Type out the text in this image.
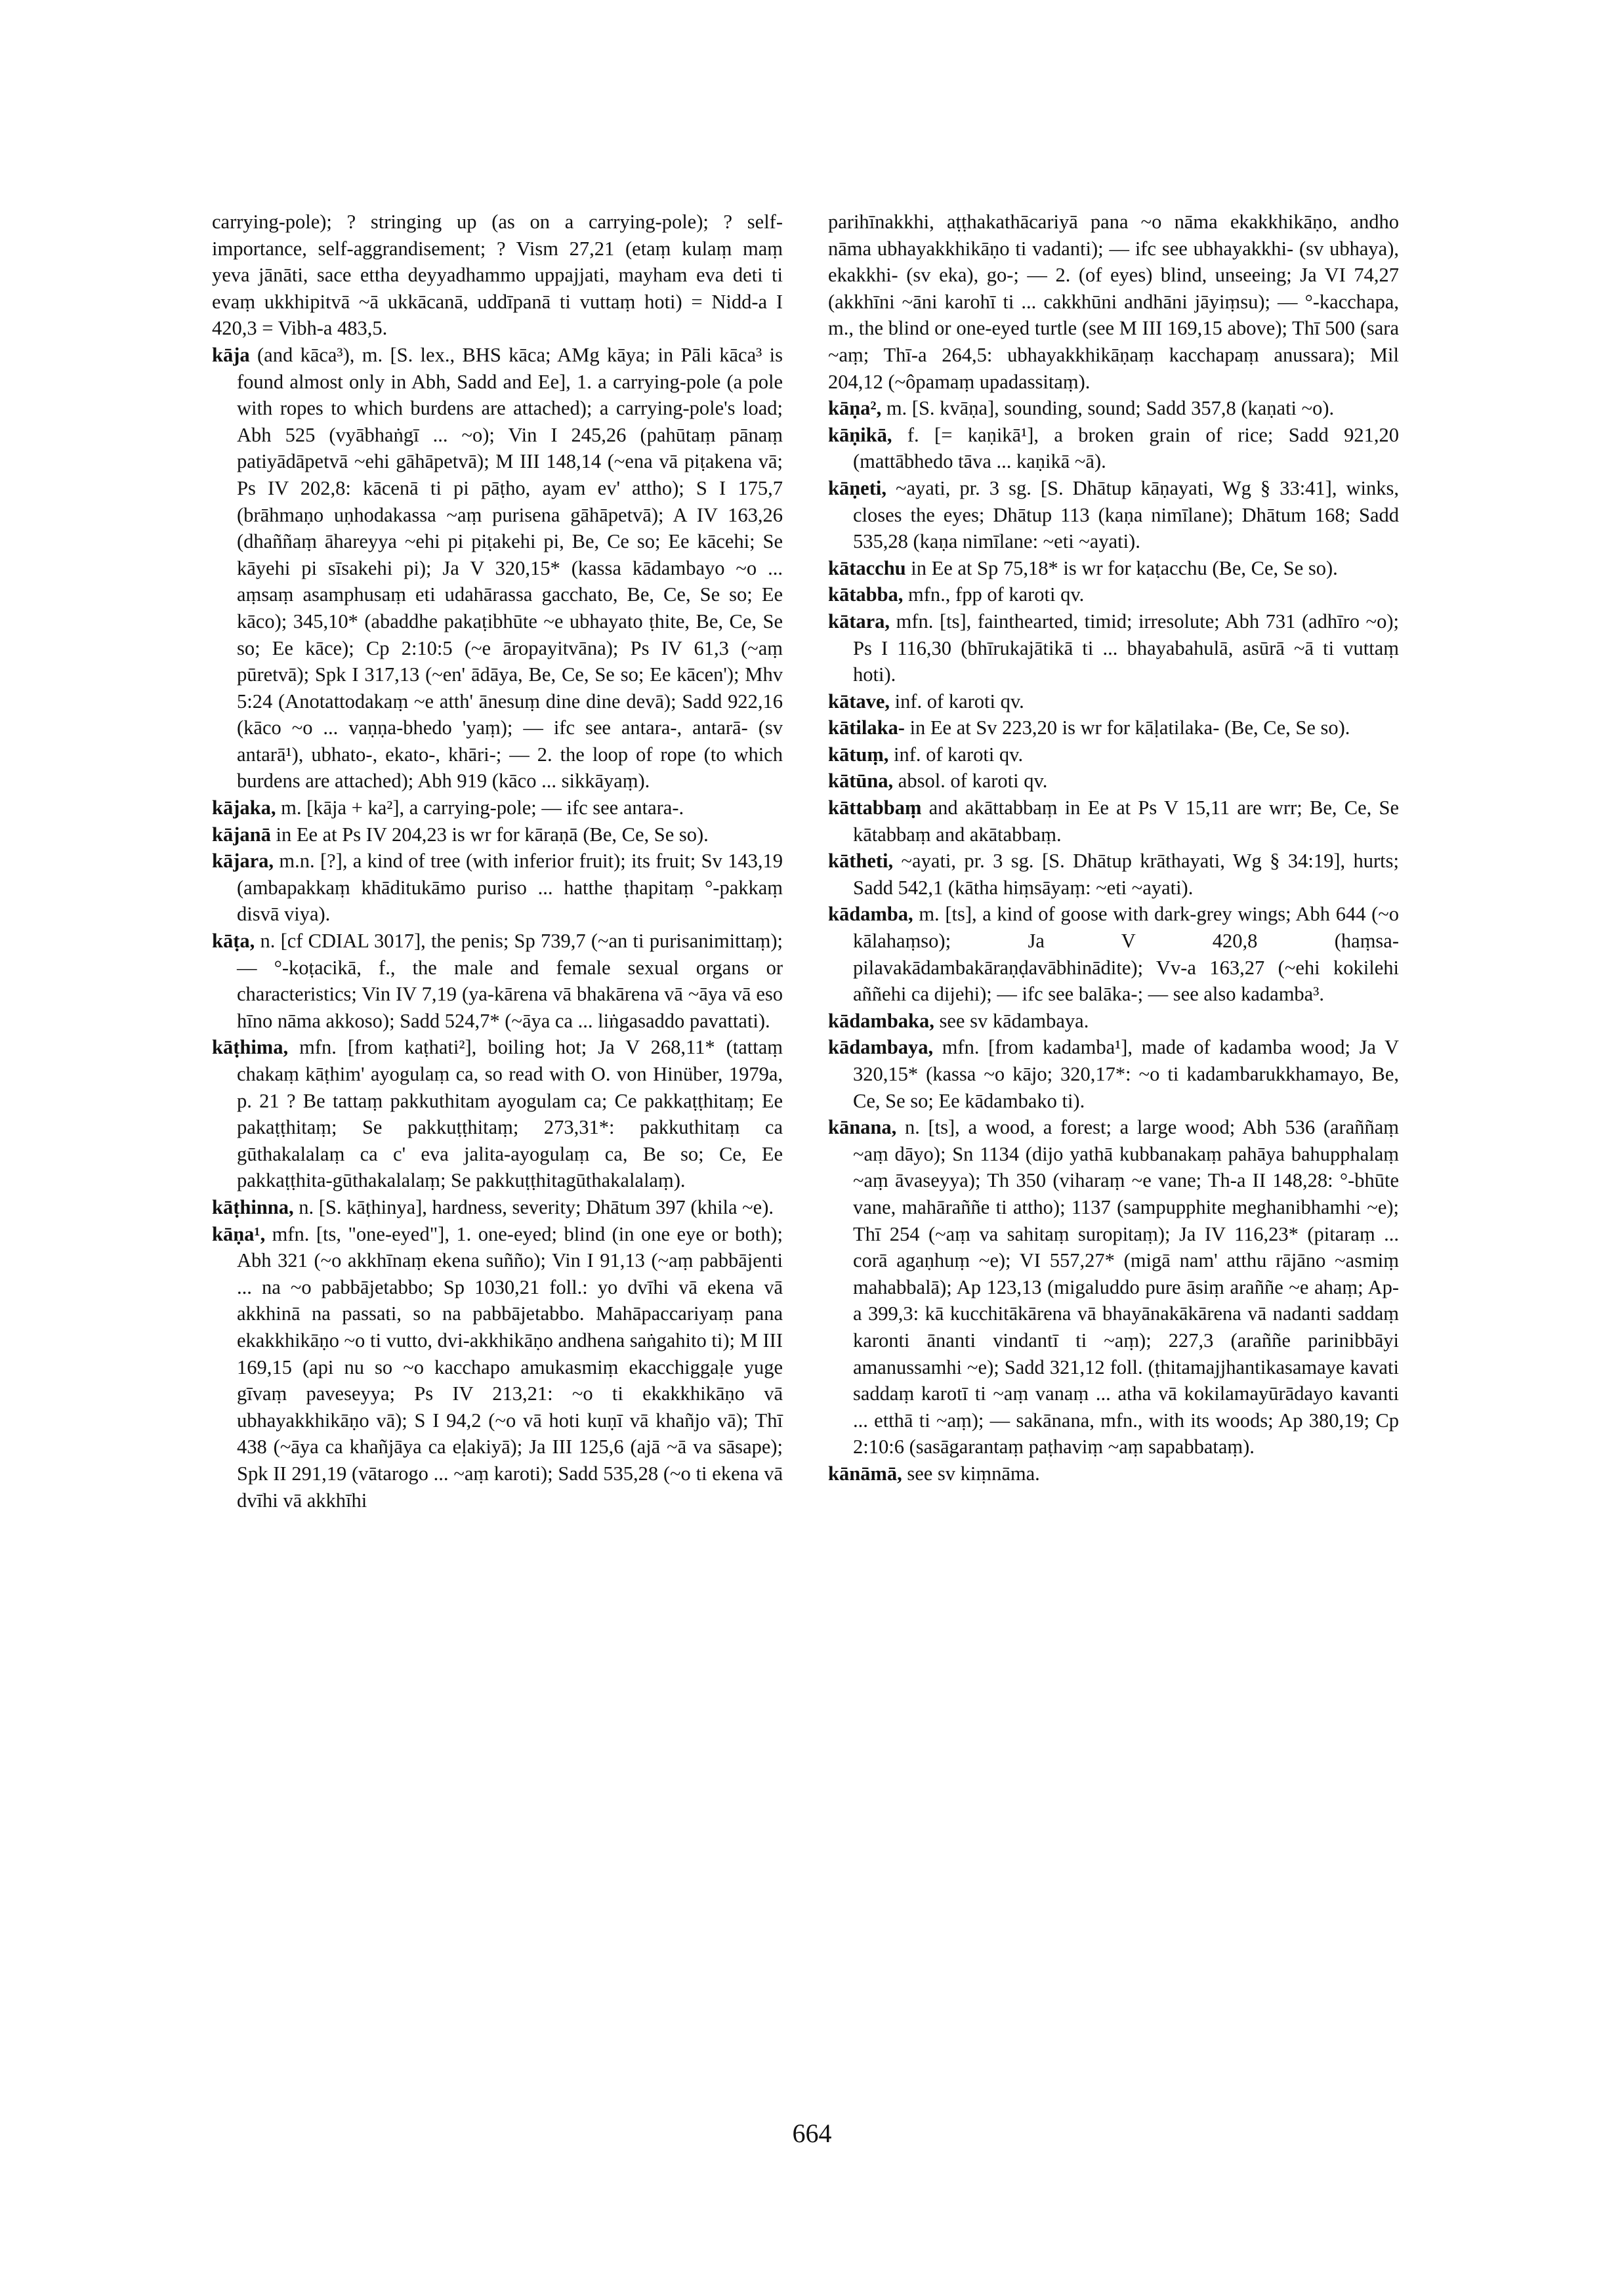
carrying-pole); ? stringing up (as on a carrying-pole); ? self-importance, self-aggrandisement; ? Vism 27,21 (etaṃ kulaṃ maṃ yeva jānāti, sace ettha deyyadhammo uppajjati, mayham eva deti ti evaṃ ukkhipitvā ~ā ukkācanā, uddīpanā ti vuttaṃ hoti) = Nidd-a I 420,3 = Vibh-a 483,5.

kāja (and kāca³), m. [S. lex., BHS kāca; AMg kāya; in Pāli kāca³ is found almost only in Abh, Sadd and Ee], 1. a carrying-pole (a pole with ropes to which burdens are attached); a carrying-pole's load; Abh 525 (vyābhaṅgī ... ~o); Vin I 245,26 (pahūtaṃ pānaṃ patiyādāpetvā ~ehi gāhāpetvā); M III 148,14 (~ena vā piṭakena vā; Ps IV 202,8: kācenā ti pi pāṭho, ayam ev' attho); S I 175,7 (brāhmaṇo uṇhodakassa ~aṃ purisena gāhāpetvā); A IV 163,26 (dhaññaṃ āhareyya ~ehi pi piṭakehi pi, Be, Ce so; Ee kācehi; Se kāyehi pi sīsakehi pi); Ja V 320,15* (kassa kādambayo ~o ... aṃsaṃ asamphusaṃ eti udahārassa gacchato, Be, Ce, Se so; Ee kāco); 345,10* (abaddhe pakaṭibhūte ~e ubhayato ṭhite, Be, Ce, Se so; Ee kāce); Cp 2:10:5 (~e āropayitvāna); Ps IV 61,3 (~aṃ pūretvā); Spk I 317,13 (~en' ādāya, Be, Ce, Se so; Ee kācen'); Mhv 5:24 (Anotattodakaṃ ~e atth' ānesuṃ dine dine devā); Sadd 922,16 (kāco ~o ... vaṇṇa-bhedo 'yaṃ); — ifc see antara-, antarā- (sv antarā¹), ubhato-, ekato-, khāri-; — 2. the loop of rope (to which burdens are attached); Abh 919 (kāco ... sikkāyaṃ).

kājaka, m. [kāja + ka²], a carrying-pole; — ifc see antara-.

kājanā in Ee at Ps IV 204,23 is wr for kāraṇā (Be, Ce, Se so).

kājara, m.n. [?], a kind of tree (with inferior fruit); its fruit; Sv 143,19 (ambapakkaṃ khāditukāmo puriso ... hatthe ṭhapitaṃ °-pakkaṃ disvā viya).

kāṭa, n. [cf CDIAL 3017], the penis; Sp 739,7 (~an ti purisanimittaṃ); — °-koṭacikā, f., the male and female sexual organs or characteristics; Vin IV 7,19 (ya-kārena vā bhakārena vā ~āya vā eso hīno nāma akkoso); Sadd 524,7* (~āya ca ... liṅgasaddo pavattati).

kāṭhima, mfn. [from kaṭhati²], boiling hot; Ja V 268,11* (tattaṃ chakaṃ kāṭhim' ayogulaṃ ca, so read with O. von Hinüber, 1979a, p. 21 ? Be tattaṃ pakkuthitam ayogulam ca; Ce pakkaṭṭhitaṃ; Ee pakaṭṭhitaṃ; Se pakkuṭṭhitaṃ; 273,31*: pakkuthitaṃ ca gūthakalalaṃ ca c' eva jalita-ayogulaṃ ca, Be so; Ce, Ee pakkaṭṭhita-gūthakalalaṃ; Se pakkuṭṭhitagūthakalalaṃ).

kāṭhinna, n. [S. kāṭhinya], hardness, severity; Dhātum 397 (khila ~e).

kāṇa¹, mfn. [ts, "one-eyed"], 1. one-eyed; blind (in one eye or both); Abh 321 (~o akkhīnaṃ ekena suñño); Vin I 91,13 (~aṃ pabbājenti ... na ~o pabbājetabbo; Sp 1030,21 foll.: yo dvīhi vā ekena vā akkhinā na passati, so na pabbājetabbo. Mahāpaccariyaṃ pana ekakkhikāṇo ~o ti vutto, dvi-akkhikāṇo andhena saṅgahito ti); M III 169,15 (api nu so ~o kacchapo amukasmiṃ ekacchiggaḷe yuge gīvaṃ paveseyya; Ps IV 213,21: ~o ti ekakkhikāṇo vā ubhayakkhikāṇo vā); S I 94,2 (~o vā hoti kuṇī vā khañjo vā); Thī 438 (~āya ca khañjāya ca eḷakiyā); Ja III 125,6 (ajā ~ā va sāsape); Spk II 291,19 (vātarogo ... ~aṃ karoti); Sadd 535,28 (~o ti ekena vā dvīhi vā akkhīhi

parihīnakkhi, aṭṭhakathācariyā pana ~o nāma ekakkhikāṇo, andho nāma ubhayakkhikāṇo ti vadanti); — ifc see ubhayakkhi- (sv ubhaya), ekakkhi- (sv eka), go-; — 2. (of eyes) blind, unseeing; Ja VI 74,27 (akkhīni ~āni karohī ti ... cakkhūni andhāni jāyiṃsu); — °-kacchapa, m., the blind or one-eyed turtle (see M III 169,15 above); Thī 500 (sara ~aṃ; Thī-a 264,5: ubhayakkhikāṇaṃ kacchapaṃ anussara); Mil 204,12 (~ôpamaṃ upadassitaṃ).

kāṇa², m. [S. kvāṇa], sounding, sound; Sadd 357,8 (kaṇati ~o).

kāṇikā, f. [= kaṇikā¹], a broken grain of rice; Sadd 921,20 (mattābhedo tāva ... kaṇikā ~ā).

kāṇeti, ~ayati, pr. 3 sg. [S. Dhātup kāṇayati, Wg § 33:41], winks, closes the eyes; Dhātup 113 (kaṇa nimīlane); Dhātum 168; Sadd 535,28 (kaṇa nimīlane: ~eti ~ayati).

kātacchu in Ee at Sp 75,18* is wr for kaṭacchu (Be, Ce, Se so).

kātabba, mfn., fpp of karoti qv.

kātara, mfn. [ts], fainthearted, timid; irresolute; Abh 731 (adhīro ~o); Ps I 116,30 (bhīrukajātikā ti ... bhayabahulā, asūrā ~ā ti vuttaṃ hoti).

kātave, inf. of karoti qv.

kātilaka- in Ee at Sv 223,20 is wr for kāḷatilaka- (Be, Ce, Se so).

kātuṃ, inf. of karoti qv.

kātūna, absol. of karoti qv.

kāttabbaṃ and akāttabbaṃ in Ee at Ps V 15,11 are wrr; Be, Ce, Se kātabbaṃ and akātabbaṃ.

kātheti, ~ayati, pr. 3 sg. [S. Dhātup krāthayati, Wg § 34:19], hurts; Sadd 542,1 (kātha hiṃsāyaṃ: ~eti ~ayati).

kādamba, m. [ts], a kind of goose with dark-grey wings; Abh 644 (~o kālahaṃso); Ja V 420,8 (haṃsa-pilavakādambakāraṇḍavābhinādite); Vv-a 163,27 (~ehi kokilehi aññehi ca dijehi); — ifc see balāka-; — see also kadamba³.

kādambaka, see sv kādambaya.

kādambaya, mfn. [from kadamba¹], made of kadamba wood; Ja V 320,15* (kassa ~o kājo; 320,17*: ~o ti kadambarukkhamayo, Be, Ce, Se so; Ee kādambako ti).

kānana, n. [ts], a wood, a forest; a large wood; Abh 536 (araññaṃ ~aṃ dāyo); Sn 1134 (dijo yathā kubbanakaṃ pahāya bahupphalaṃ ~aṃ āvaseyya); Th 350 (viharaṃ ~e vane; Th-a II 148,28: °-bhūte vane, mahāraññe ti attho); 1137 (sampupphite meghanibhamhi ~e); Thī 254 (~aṃ va sahitaṃ suropitaṃ); Ja IV 116,23* (pitaraṃ ... corā agaṇhuṃ ~e); VI 557,27* (migā nam' atthu rājāno ~asmiṃ mahabbalā); Ap 123,13 (migaluddo pure āsiṃ araññe ~e ahaṃ; Ap-a 399,3: kā kucchitākārena vā bhayānakākārena vā nadanti saddaṃ karonti ānanti vindantī ti ~aṃ); 227,3 (araññe parinibbāyi amanussamhi ~e); Sadd 321,12 foll. (ṭhitamajjhantikasamaye kavati saddaṃ karotī ti ~aṃ vanaṃ ... atha vā kokilamayūrādayo kavanti ... etthā ti ~aṃ); — sakānana, mfn., with its woods; Ap 380,19; Cp 2:10:6 (sasāgarantaṃ paṭhaviṃ ~aṃ sapabbataṃ).

kānāmā, see sv kiṃnāma.

664
